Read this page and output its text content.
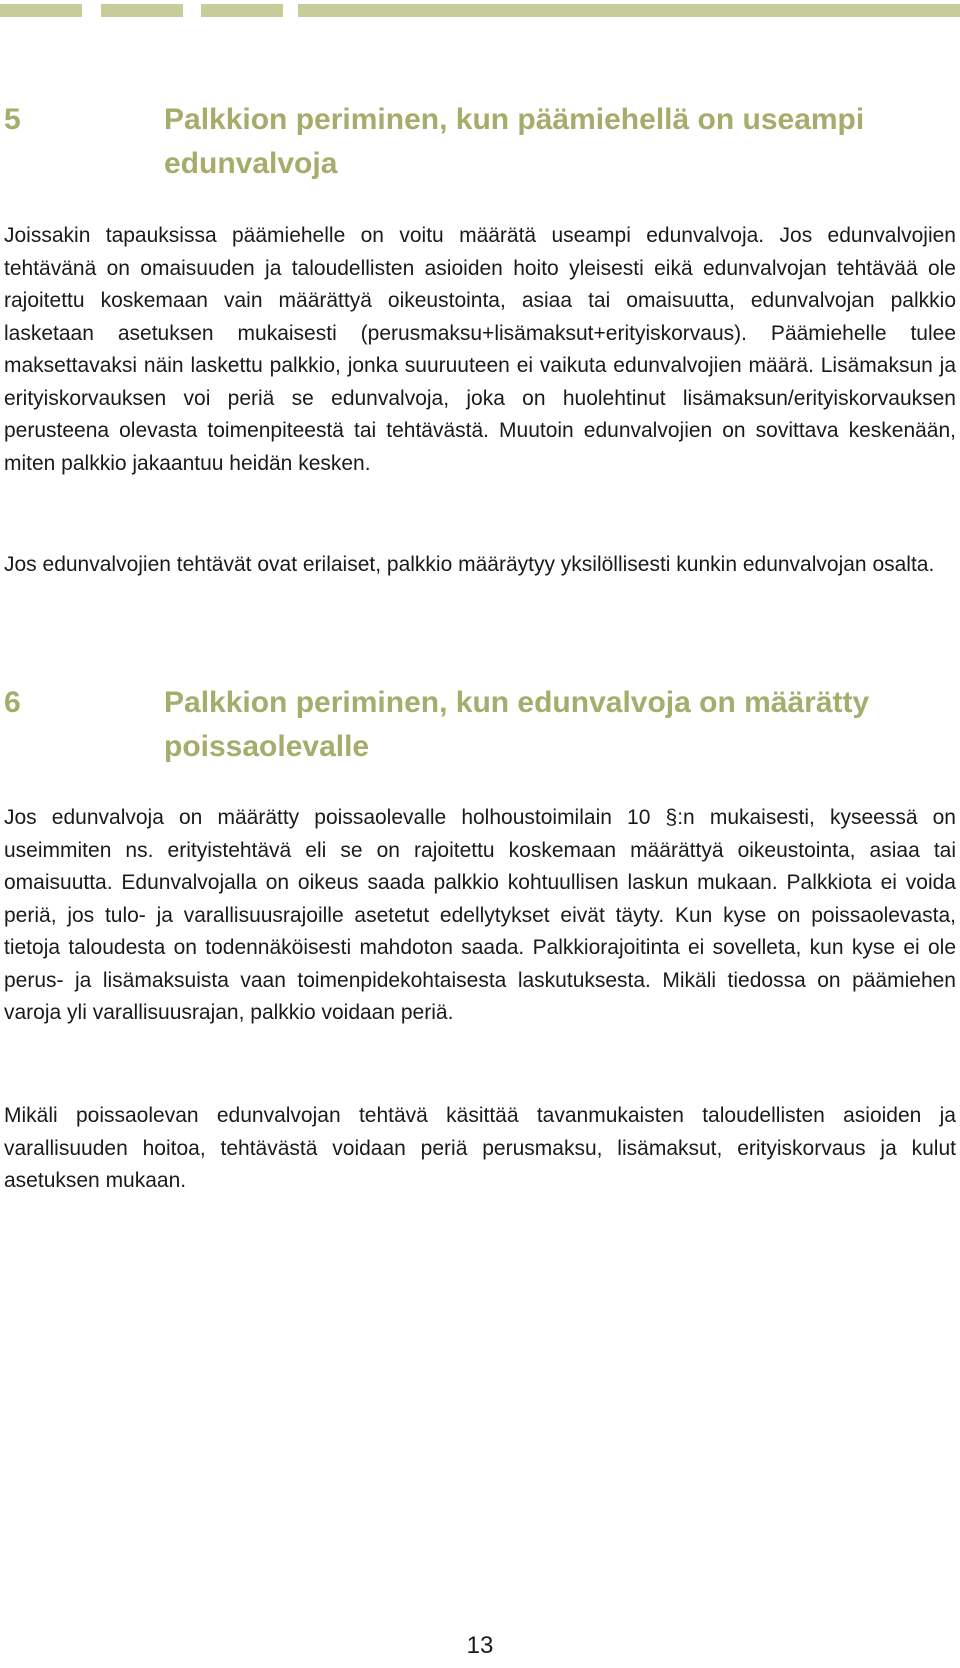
5	Palkkion periminen, kun päämiehellä on useampi edunvalvoja

Joissakin tapauksissa päämiehelle on voitu määrätä useampi edunvalvoja. Jos edunvalvojien tehtävänä on omaisuuden ja taloudellisten asioiden hoito yleisesti eikä edunvalvojan tehtävää ole rajoitettu koskemaan vain määrättyä oikeustointa, asiaa tai omaisuutta, edunvalvojan palkkio lasketaan asetuksen mukaisesti (perusmaksu+lisämaksut+erityiskorvaus). Päämiehelle tulee maksettavaksi näin laskettu palkkio, jonka suuruuteen ei vaikuta edunvalvojien määrä. Lisämaksun ja erityiskorvauksen voi periä se edunvalvoja, joka on huolehtinut lisämaksun/erityiskorvauksen perusteena olevasta toimenpiteestä tai tehtävästä. Muutoin edunvalvojien on sovittava keskenään, miten palkkio jakaantuu heidän kesken.

Jos edunvalvojien tehtävät ovat erilaiset, palkkio määräytyy yksilöllisesti kunkin edunvalvojan osalta.

6	Palkkion periminen, kun edunvalvoja on määrätty poissaolevalle

Jos edunvalvoja on määrätty poissaolevalle holhoustoimilain 10 §:n mukaisesti, kyseessä on useimmiten ns. erityistehtävä eli se on rajoitettu koskemaan määrättyä oikeustointa, asiaa tai omaisuutta. Edunvalvojalla on oikeus saada palkkio kohtuullisen laskun mukaan. Palkkiota ei voida periä, jos tulo- ja varallisuusrajoille asetetut edellytykset eivät täyty. Kun kyse on poissaolevasta, tietoja taloudesta on todennäköisesti mahdoton saada. Palkkiorajoitinta ei sovelleta, kun kyse ei ole perus- ja lisämaksuista vaan toimenpidekohtaisesta laskutuksesta. Mikäli tiedossa on päämiehen varoja yli varallisuusrajan, palkkio voidaan periä.

Mikäli poissaolevan edunvalvojan tehtävä käsittää tavanmukaisten taloudellisten asioiden ja varallisuuden hoitoa, tehtävästä voidaan periä perusmaksu, lisämaksut, erityiskorvaus ja kulut asetuksen mukaan.

13
